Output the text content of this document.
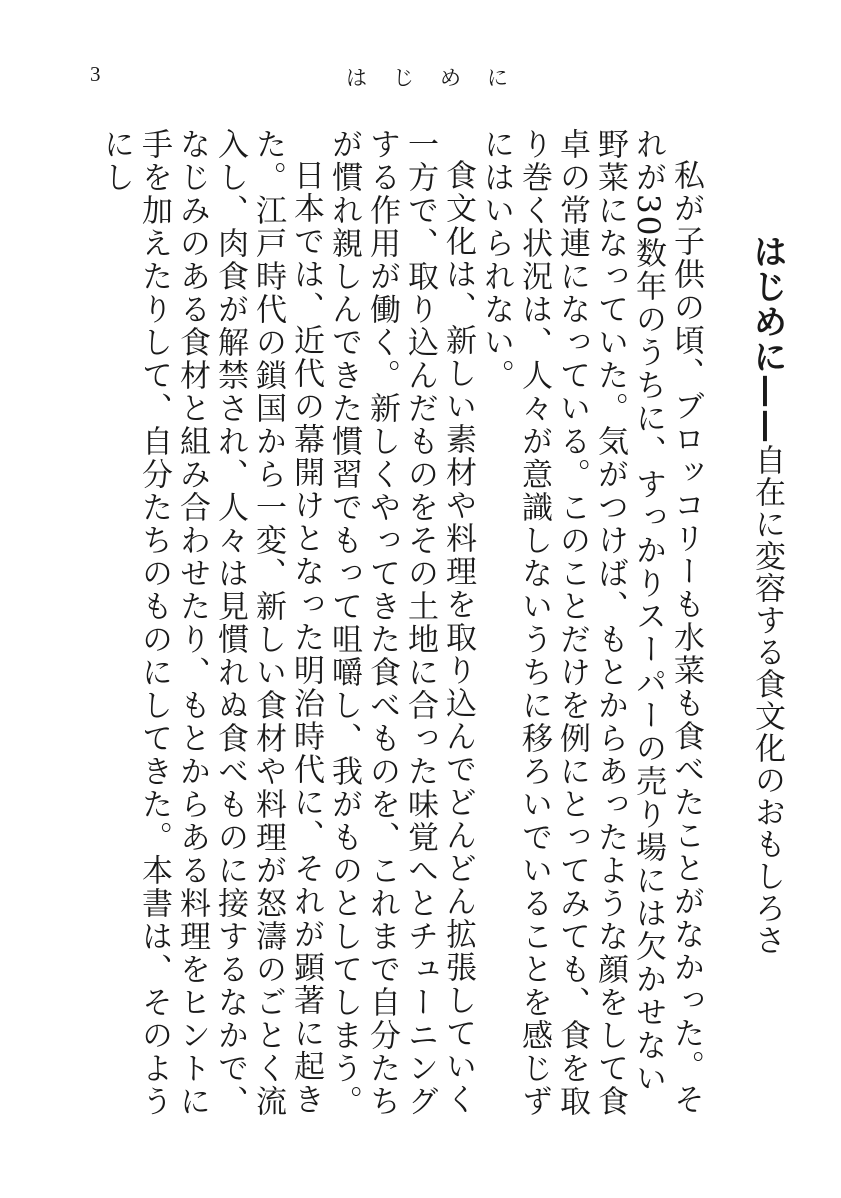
3	はじめに
はじめに——自在に変容する食文化のおもしろさ

私が子供の頃、ブロッコリーも水菜も食べたことがなかった。それが30数年のうちに、すっかりスーパーの売り場には欠かせない野菜になっていた。気がつけば、もとからあったような顔をして食卓の常連になっている。このことだけを例にとってみても、食を取り巻く状況は、人々が意識しないうちに移ろいでいることを感じずにはいられない。

食文化は、新しい素材や料理を取り込んでどんどん拡張していく一方で、取り込んだものをその土地に合った味覚へとチューニングする作用が働く。新しくやってきた食べものを、これまで自分たちが慣れ親しんできた慣習でもって咀嚼し、我がものとしてしまう。

日本では、近代の幕開けとなった明治時代に、それが顕著に起きた。江戸時代の鎖国から一変、新しい食材や料理が怒濤のごとく流入し、肉食が解禁され、人々は見慣れぬ食べものに接するなかで、なじみのある食材と組み合わせたり、もとからある料理をヒントに手を加えたりして、自分たちのものにしてきた。本書は、そのようにし
